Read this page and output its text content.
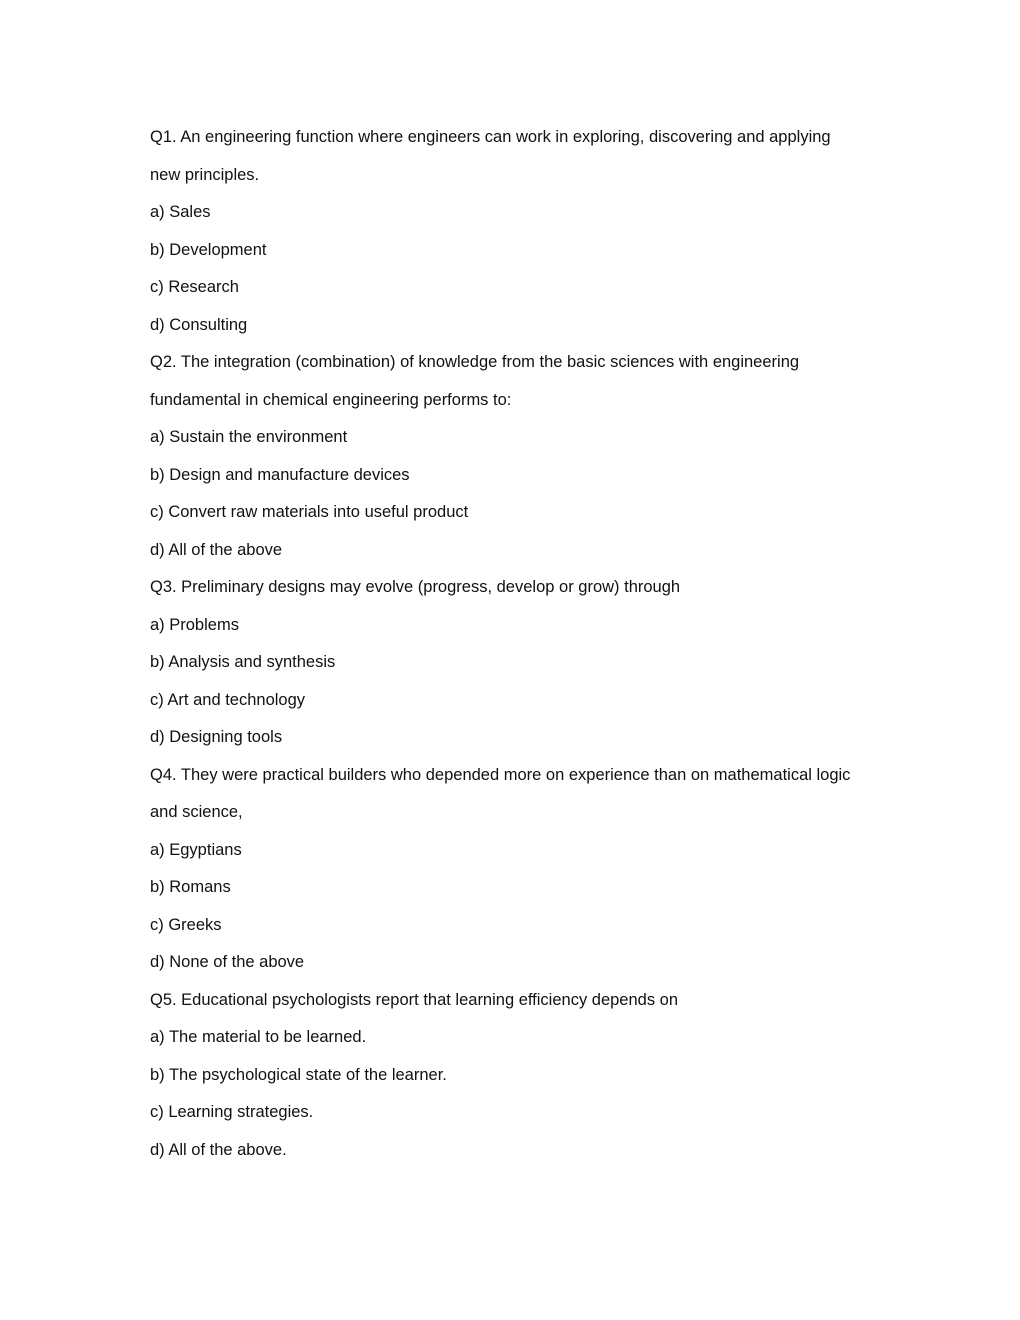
Q1. An engineering function where engineers can work in exploring, discovering and applying

new principles.

a) Sales

b) Development

c) Research

d) Consulting

Q2. The integration (combination) of knowledge from the basic sciences with engineering

fundamental in chemical engineering performs to:

a) Sustain the environment

b) Design and manufacture devices

c) Convert raw materials into useful product

d) All of the above

Q3. Preliminary designs may evolve (progress, develop or grow) through

a) Problems

b) Analysis and synthesis

c) Art and technology

d) Designing tools

Q4. They were practical builders who depended more on experience than on mathematical logic

and science,

a) Egyptians

b) Romans

c) Greeks

d) None of the above

Q5. Educational psychologists report that learning efficiency depends on

a) The material to be learned.

b) The psychological state of the learner.

c) Learning strategies.

d) All of the above.
